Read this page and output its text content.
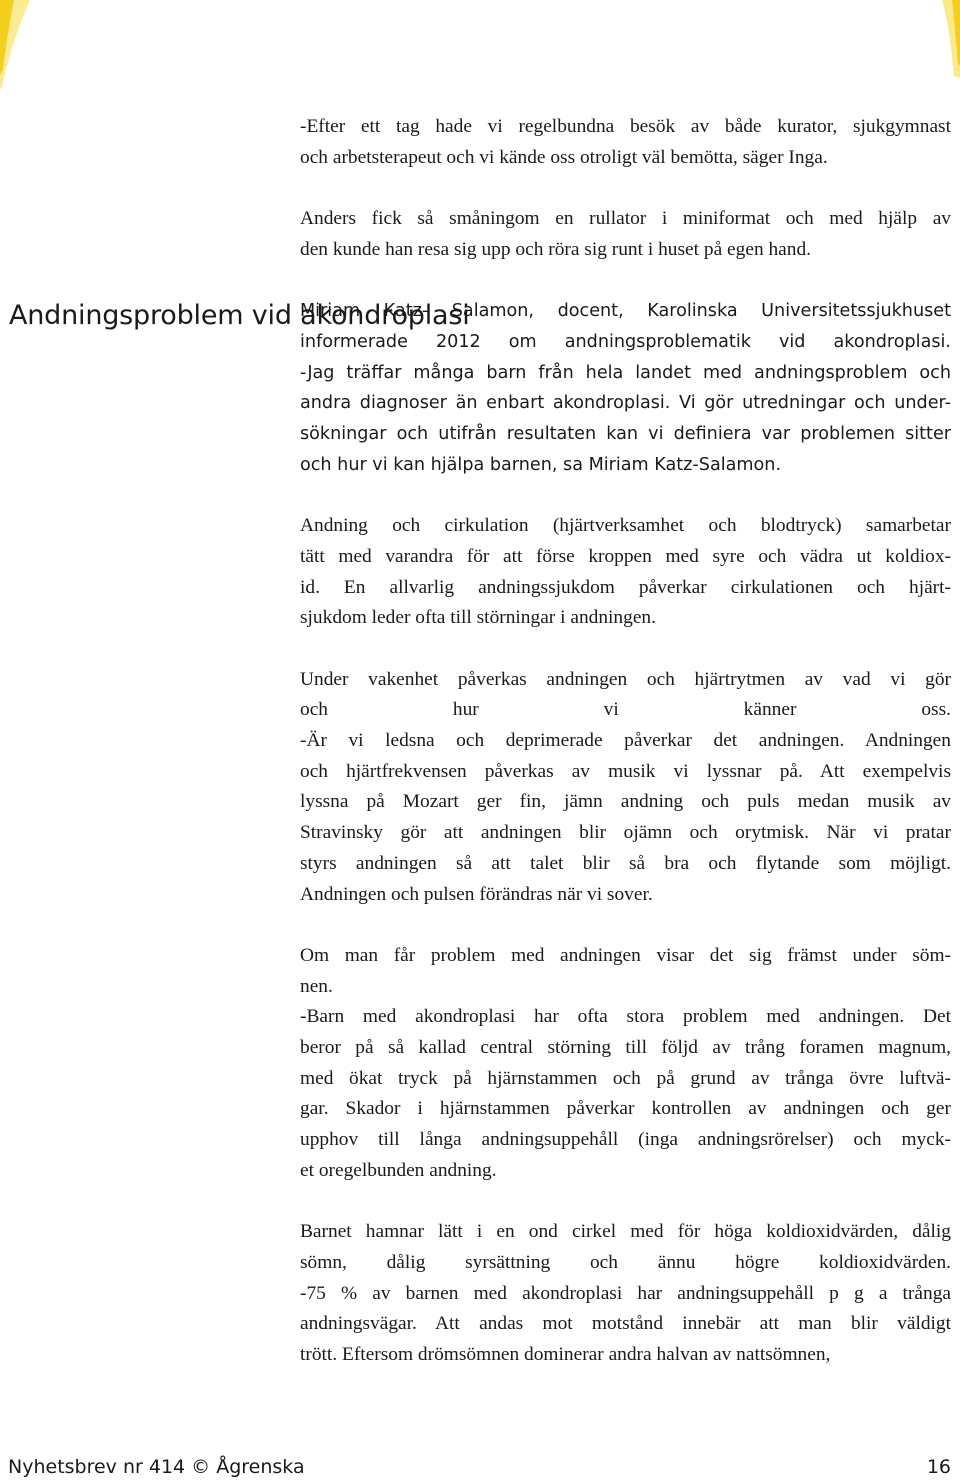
Andningsproblem vid akondroplasi

-Efter ett tag hade vi regelbundna besök av både kurator, sjukgymnast
och arbetsterapeut och vi kände oss otroligt väl bemötta, säger Inga.

Anders fick så småningom en rullator i miniformat och med hjälp av
den kunde han resa sig upp och röra sig runt i huset på egen hand.

Miriam Katz- Salamon, docent, Karolinska Universitetssjukhuset
informerade 2012 om andningsproblematik vid akondroplasi.
-Jag träffar många barn från hela landet med andningsproblem och
andra diagnoser än enbart akondroplasi. Vi gör utredningar och under-
sökningar och utifrån resultaten kan vi definiera var problemen sitter
och hur vi kan hjälpa barnen, sa Miriam Katz-Salamon.

Andning och cirkulation (hjärtverksamhet och blodtryck) samarbetar
tätt med varandra för att förse kroppen med syre och vädra ut koldiox-
id. En allvarlig andningssjukdom påverkar cirkulationen och hjärt-
sjukdom leder ofta till störningar i andningen.

Under vakenhet påverkas andningen och hjärtrytmen av vad vi gör
och hur vi känner oss.
-Är vi ledsna och deprimerade påverkar det andningen. Andningen
och hjärtfrekvensen påverkas av musik vi lyssnar på. Att exempelvis
lyssna på Mozart ger fin, jämn andning och puls medan musik av
Stravinsky gör att andningen blir ojämn och orytmisk. När vi pratar
styrs andningen så att talet blir så bra och flytande som möjligt.
Andningen och pulsen förändras när vi sover.

Om man får problem med andningen visar det sig främst under söm-
nen.
-Barn med akondroplasi har ofta stora problem med andningen. Det
beror på så kallad central störning till följd av trång foramen magnum,
med ökat tryck på hjärnstammen och på grund av trånga övre luftvä-
gar. Skador i hjärnstammen påverkar kontrollen av andningen och ger
upphov till långa andningsuppehåll (inga andningsrörelser) och myck-
et oregelbunden andning.

Barnet hamnar lätt i en ond cirkel med för höga koldioxidvärden, dålig
sömn, dålig syrsättning och ännu högre koldioxidvärden.
-75 % av barnen med akondroplasi har andningsuppehåll p g a trånga
andningsvägar. Att andas mot motstånd innebär att man blir väldigt
trött. Eftersom drömsömnen dominerar andra halvan av nattsömnen,

Nyhetsbrev nr 414 © Ågrenska	16
